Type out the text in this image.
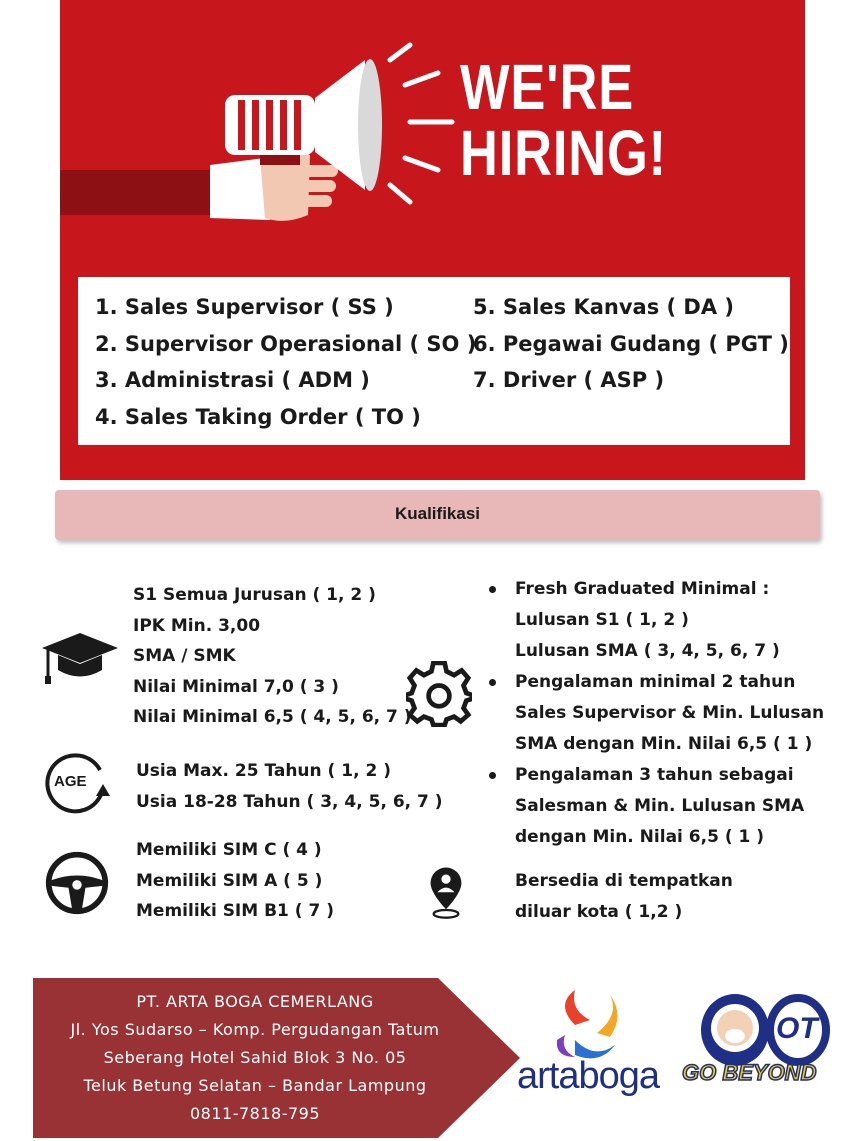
WE'RE
HIRING!
1. Sales Supervisor ( SS )
2. Supervisor Operasional ( SO )
3. Administrasi ( ADM )
4. Sales Taking Order ( TO )
5. Sales Kanvas ( DA )
6. Pegawai Gudang ( PGT )
7. Driver ( ASP )
Kualifikasi
S1 Semua Jurusan ( 1, 2 )
IPK Min. 3,00
SMA / SMK
Nilai Minimal 7,0 ( 3 )
Nilai Minimal 6,5 ( 4, 5, 6, 7 )
AGE
Usia Max. 25 Tahun ( 1, 2 )
Usia 18-28 Tahun ( 3, 4, 5, 6, 7 )
Memiliki SIM C ( 4 )
Memiliki SIM A ( 5 )
Memiliki SIM B1 ( 7 )
Fresh Graduated Minimal :
Lulusan S1 ( 1, 2 )
Lulusan SMA ( 3, 4, 5, 6, 7 )
Pengalaman minimal 2 tahun
Sales Supervisor & Min. Lulusan
SMA dengan Min. Nilai 6,5 ( 1 )
Pengalaman 3 tahun sebagai
Salesman & Min. Lulusan SMA
dengan Min. Nilai 6,5 ( 1 )
Bersedia di tempatkan
diluar kota ( 1,2 )
PT. ARTA BOGA CEMERLANG
Jl. Yos Sudarso – Komp. Pergudangan Tatum
Seberang Hotel Sahid Blok 3 No. 05
Teluk Betung Selatan – Bandar Lampung
0811-7818-795
artaboga
OT
GO BEYOND
